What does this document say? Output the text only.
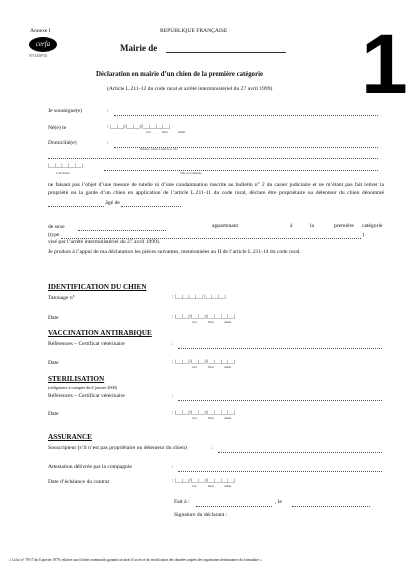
Annexe I	REPUBLIQUE FRANÇAISE
cerfa
N°11458*02
Mairie de 1
Déclaration en mairie d’un chien de la première catégorie
(Article L.211-12 du code rural et arrêté interministériel du 27 avril 1999)
Je soussigné(e)	:
Né(e) le	: |__|__|/|__|__|/|__|__|__|__|
Jour	Mois	Année
Domicilié(e)	:
Numéro, nature et nom de la voie
|__|__|__|__|__|
Code Postal	Ville ou Commune
ne faisant pas l’objet d’une mesure de tutelle ni d’une condamnation inscrite au bulletin n° 2 du casier judiciaire et ne m’étant pas fait retirer la propriété ou la garde d’un chien en application de l’article L.211-11 du code rural, déclare être propriétaire ou détenteur du chien dénommé   âgé de
de sexe	appartenant	à	la	première catégorie
(type	)
visé par l’arrêté interministériel du 27 avril 1999).
Je produis à l’appui de ma déclaration les pièces suivantes, mentionnées au II de l’article L.211-14 du code rural.
IDENTIFICATION DU CHIEN
Tatouage n°	: |__|__|__|__| |__|__|__|
Date	: |__|__|/|__|__|/|__|__|__|__|
Jour	Mois	Année
VACCINATION ANTIRABIQUE
Références – Certificat vétérinaire	:
Date	: |__|__|/|__|__|/|__|__|__|__|
Jour	Mois	Année
STERILISATION
(obligatoire à compter du 6 janvier 2000)
Références – Certificat vétérinaire	:
Date	: |__|__|/|__|__|/|__|__|__|__|
Jour	Mois	Année
ASSURANCE
Souscripteur (s’il n’est pas propriétaire ou détenteur du chien)	:
Attestation délivrée par la compagnie	:
Date d’échéance du contrat	: |__|__|/|__|__|/|__|__|__|__|
Jour	Mois	Année
Fait à :	, le
Signature du déclarant :
« La loi n° 78-17 du 6 janvier 1978, relative aux fichiers nominatifs garantit un droit d’accès et de rectification des données auprès des organismes destinataires du formulaire »
